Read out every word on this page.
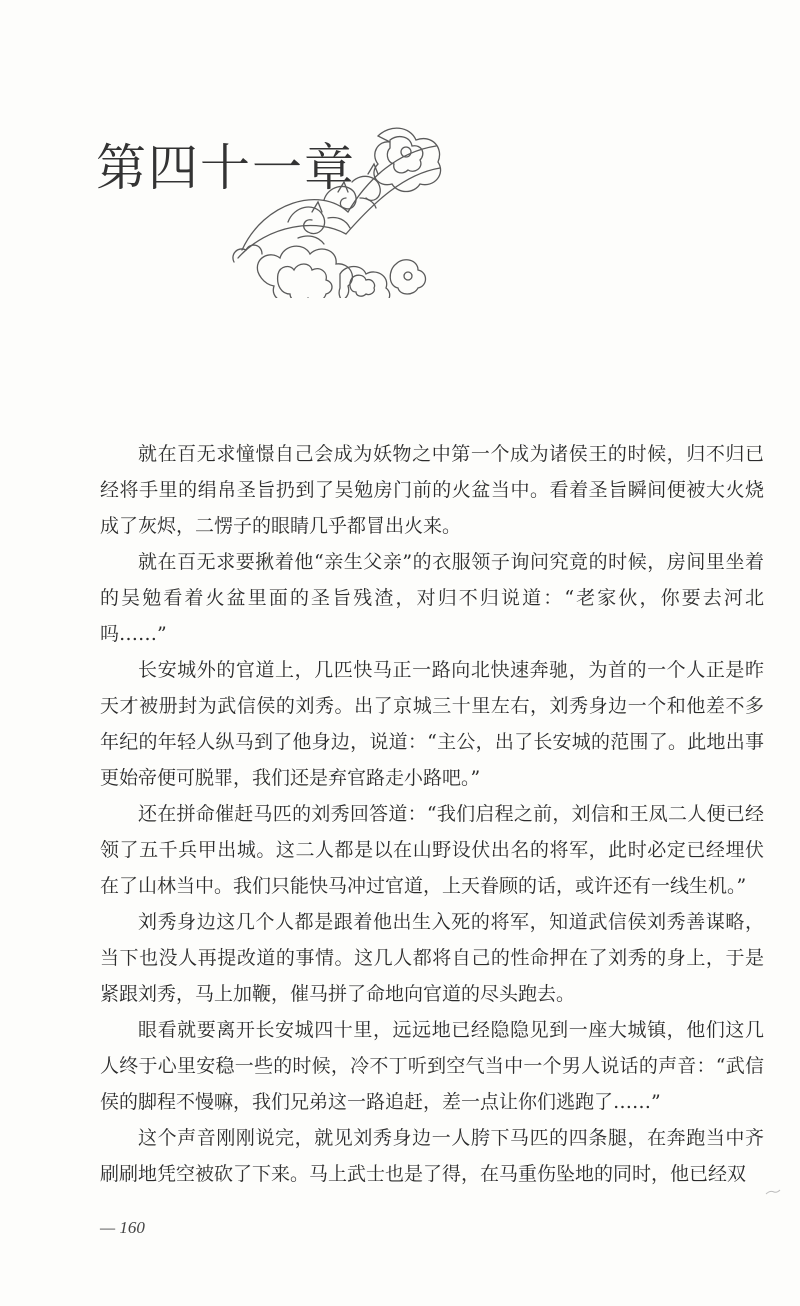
第四十一章

就在百无求憧憬自己会成为妖物之中第一个成为诸侯王的时候，归不归已经将手里的绢帛圣旨扔到了吴勉房门前的火盆当中。看着圣旨瞬间便被大火烧成了灰烬，二愣子的眼睛几乎都冒出火来。

就在百无求要揪着他“亲生父亲”的衣服领子询问究竟的时候，房间里坐着的吴勉看着火盆里面的圣旨残渣，对归不归说道：“老家伙，你要去河北吗……”

长安城外的官道上，几匹快马正一路向北快速奔驰，为首的一个人正是昨天才被册封为武信侯的刘秀。出了京城三十里左右，刘秀身边一个和他差不多年纪的年轻人纵马到了他身边，说道：“主公，出了长安城的范围了。此地出事更始帝便可脱罪，我们还是弃官路走小路吧。”

还在拼命催赶马匹的刘秀回答道：“我们启程之前，刘信和王凤二人便已经领了五千兵甲出城。这二人都是以在山野设伏出名的将军，此时必定已经埋伏在了山林当中。我们只能快马冲过官道，上天眷顾的话，或许还有一线生机。”

刘秀身边这几个人都是跟着他出生入死的将军，知道武信侯刘秀善谋略，当下也没人再提改道的事情。这几人都将自己的性命押在了刘秀的身上，于是紧跟刘秀，马上加鞭，催马拼了命地向官道的尽头跑去。

眼看就要离开长安城四十里，远远地已经隐隐见到一座大城镇，他们这几人终于心里安稳一些的时候，冷不丁听到空气当中一个男人说话的声音：“武信侯的脚程不慢嘛，我们兄弟这一路追赶，差一点让你们逃跑了……”

这个声音刚刚说完，就见刘秀身边一人胯下马匹的四条腿，在奔跑当中齐刷刷地凭空被砍了下来。马上武士也是了得，在马重伤坠地的同时，他已经双

— 160
